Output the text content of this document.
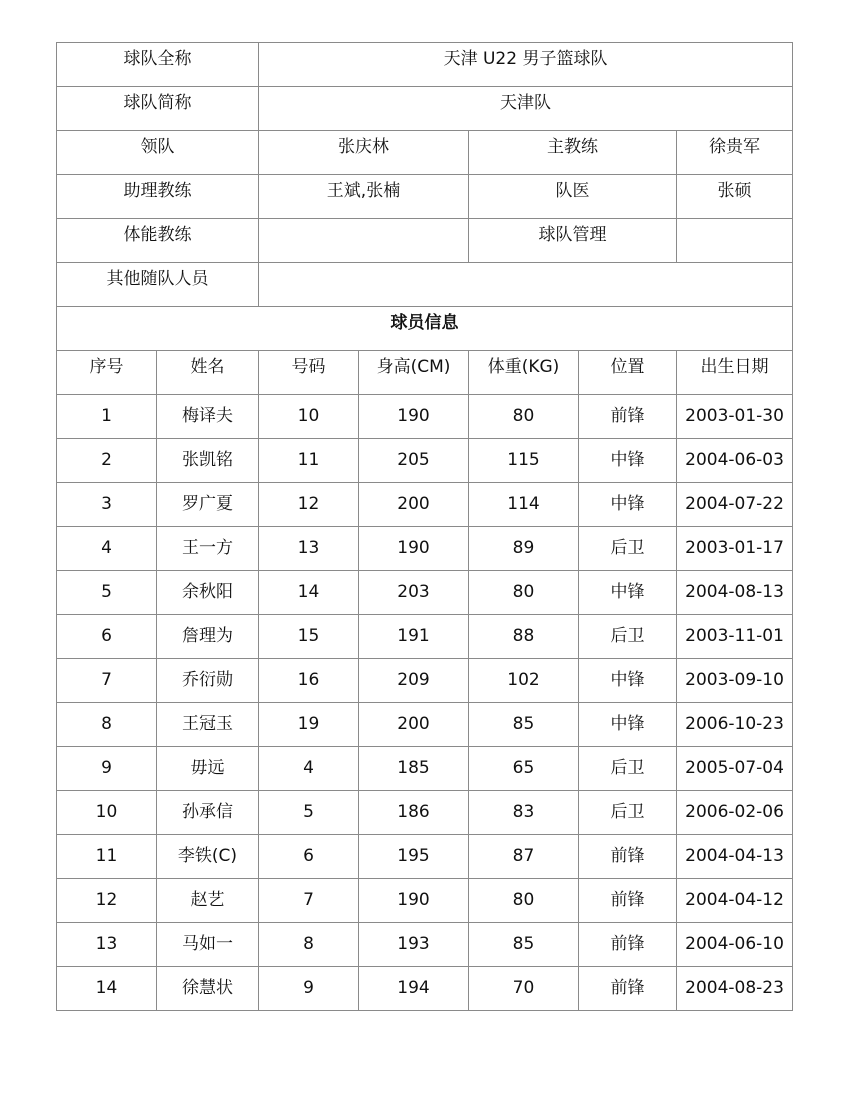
球队全称		天津 U22 男子篮球队				

球队简称		天津队				

领队		张庆林		主教练		徐贵军

助理教练		王斌,张楠		队医		张硕

体能教练				球队管理		

其他随队人员						

球员信息						

序号	姓名	号码	身高(CM)	体重(KG)	位置	出生日期

1	梅译夫	10	190	80	前锋	2003-01-30

2	张凯铭	11	205	115	中锋	2004-06-03

3	罗广夏	12	200	114	中锋	2004-07-22

4	王一方	13	190	89	后卫	2003-01-17

5	余秋阳	14	203	80	中锋	2004-08-13

6	詹理为	15	191	88	后卫	2003-11-01

7	乔衍勋	16	209	102	中锋	2003-09-10

8	王冠玉	19	200	85	中锋	2006-10-23

9	毋远	4	185	65	后卫	2005-07-04

10	孙承信	5	186	83	后卫	2006-02-06

11	李铁(C)	6	195	87	前锋	2004-04-13

12	赵艺	7	190	80	前锋	2004-04-12

13	马如一	8	193	85	前锋	2004-06-10

14	徐慧状	9	194	70	前锋	2004-08-23
